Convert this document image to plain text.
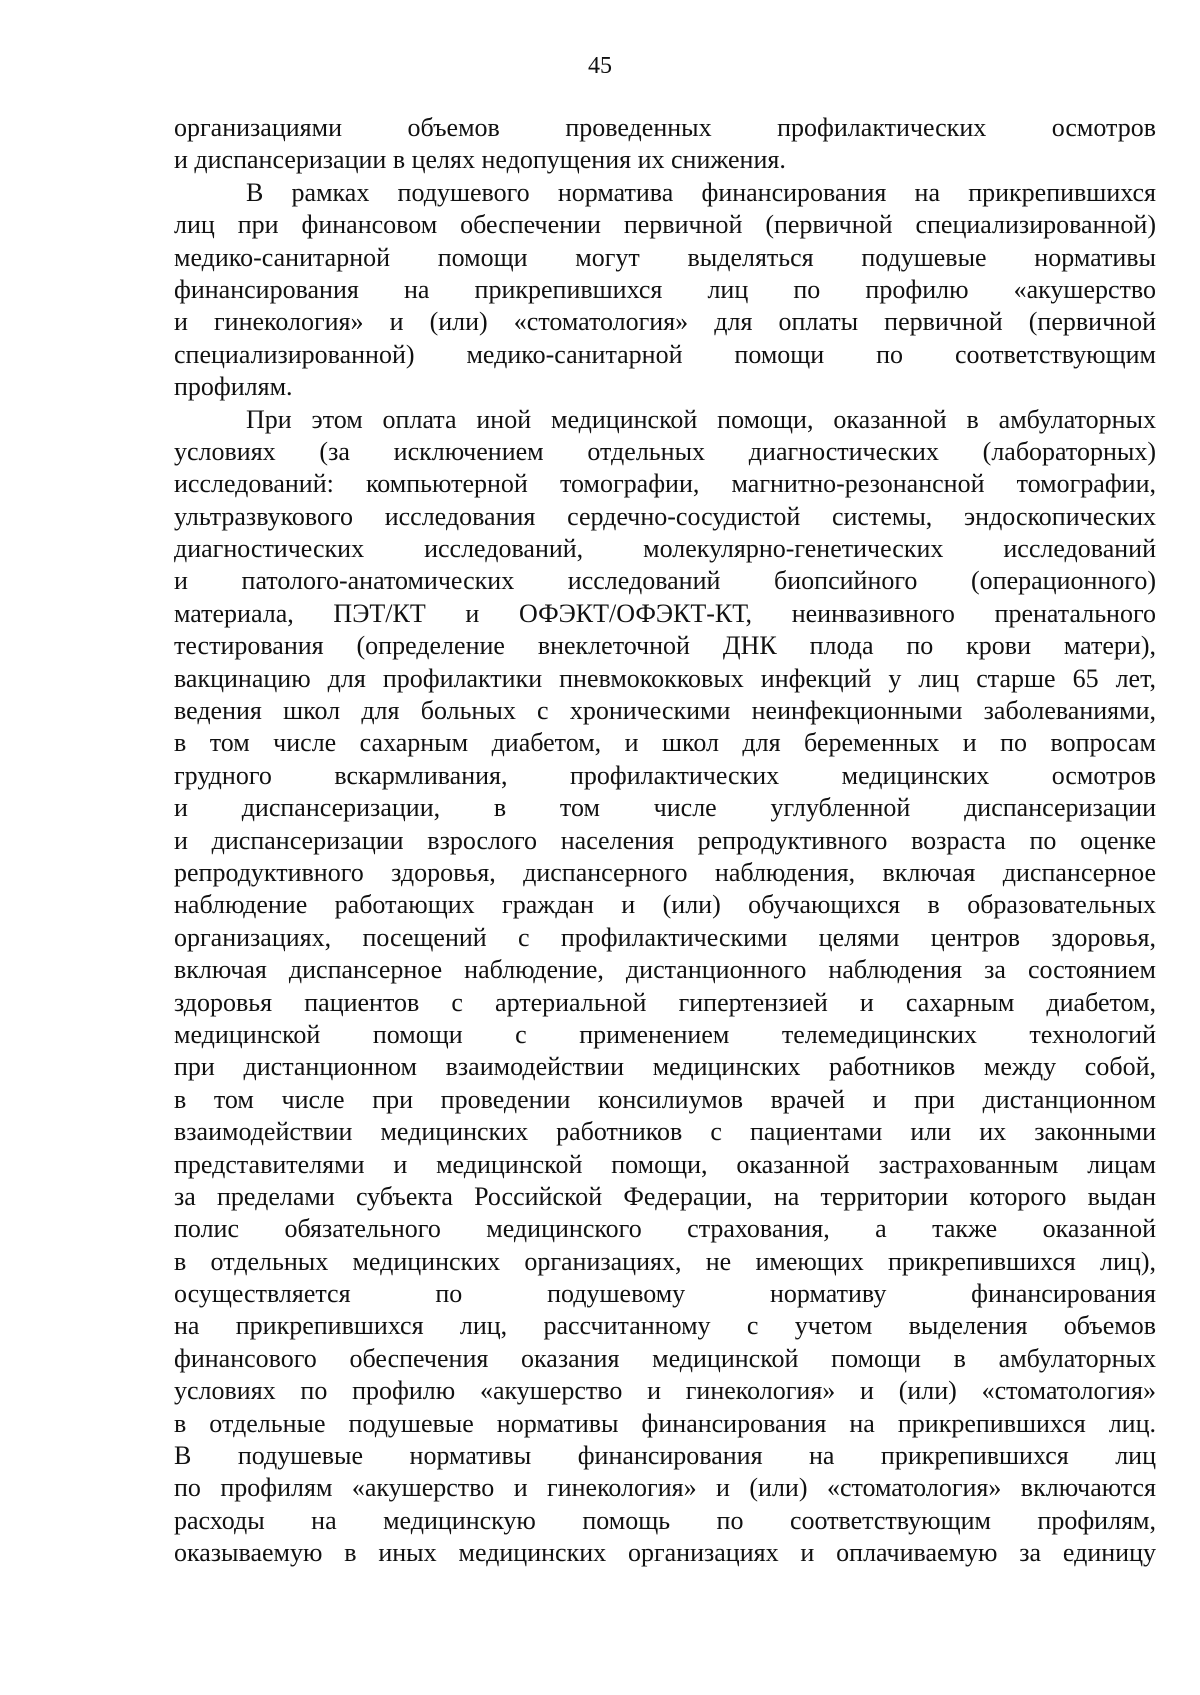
45
организациями объемов проведенных профилактических осмотров
и диспансеризации в целях недопущения их снижения.
В рамках подушевого норматива финансирования на прикрепившихся
лиц при финансовом обеспечении первичной (первичной специализированной)
медико-санитарной помощи могут выделяться подушевые нормативы
финансирования на прикрепившихся лиц по профилю «акушерство
и гинекология» и (или) «стоматология» для оплаты первичной (первичной
специализированной) медико-санитарной помощи по соответствующим
профилям.
При этом оплата иной медицинской помощи, оказанной в амбулаторных
условиях (за исключением отдельных диагностических (лабораторных)
исследований: компьютерной томографии, магнитно-резонансной томографии,
ультразвукового исследования сердечно-сосудистой системы, эндоскопических
диагностических исследований, молекулярно-генетических исследований
и патолого-анатомических исследований биопсийного (операционного)
материала, ПЭТ/КТ и ОФЭКТ/ОФЭКТ-КТ, неинвазивного пренатального
тестирования (определение внеклеточной ДНК плода по крови матери),
вакцинацию для профилактики пневмококковых инфекций у лиц старше 65 лет,
ведения школ для больных с хроническими неинфекционными заболеваниями,
в том числе сахарным диабетом, и школ для беременных и по вопросам
грудного вскармливания, профилактических медицинских осмотров
и диспансеризации, в том числе углубленной диспансеризации
и диспансеризации взрослого населения репродуктивного возраста по оценке
репродуктивного здоровья, диспансерного наблюдения, включая диспансерное
наблюдение работающих граждан и (или) обучающихся в образовательных
организациях, посещений с профилактическими целями центров здоровья,
включая диспансерное наблюдение, дистанционного наблюдения за состоянием
здоровья пациентов с артериальной гипертензией и сахарным диабетом,
медицинской помощи с применением телемедицинских технологий
при дистанционном взаимодействии медицинских работников между собой,
в том числе при проведении консилиумов врачей и при дистанционном
взаимодействии медицинских работников с пациентами или их законными
представителями и медицинской помощи, оказанной застрахованным лицам
за пределами субъекта Российской Федерации, на территории которого выдан
полис обязательного медицинского страхования, а также оказанной
в отдельных медицинских организациях, не имеющих прикрепившихся лиц),
осуществляется по подушевому нормативу финансирования
на прикрепившихся лиц, рассчитанному с учетом выделения объемов
финансового обеспечения оказания медицинской помощи в амбулаторных
условиях по профилю «акушерство и гинекология» и (или) «стоматология»
в отдельные подушевые нормативы финансирования на прикрепившихся лиц.
В подушевые нормативы финансирования на прикрепившихся лиц
по профилям «акушерство и гинекология» и (или) «стоматология» включаются
расходы на медицинскую помощь по соответствующим профилям,
оказываемую в иных медицинских организациях и оплачиваемую за единицу
